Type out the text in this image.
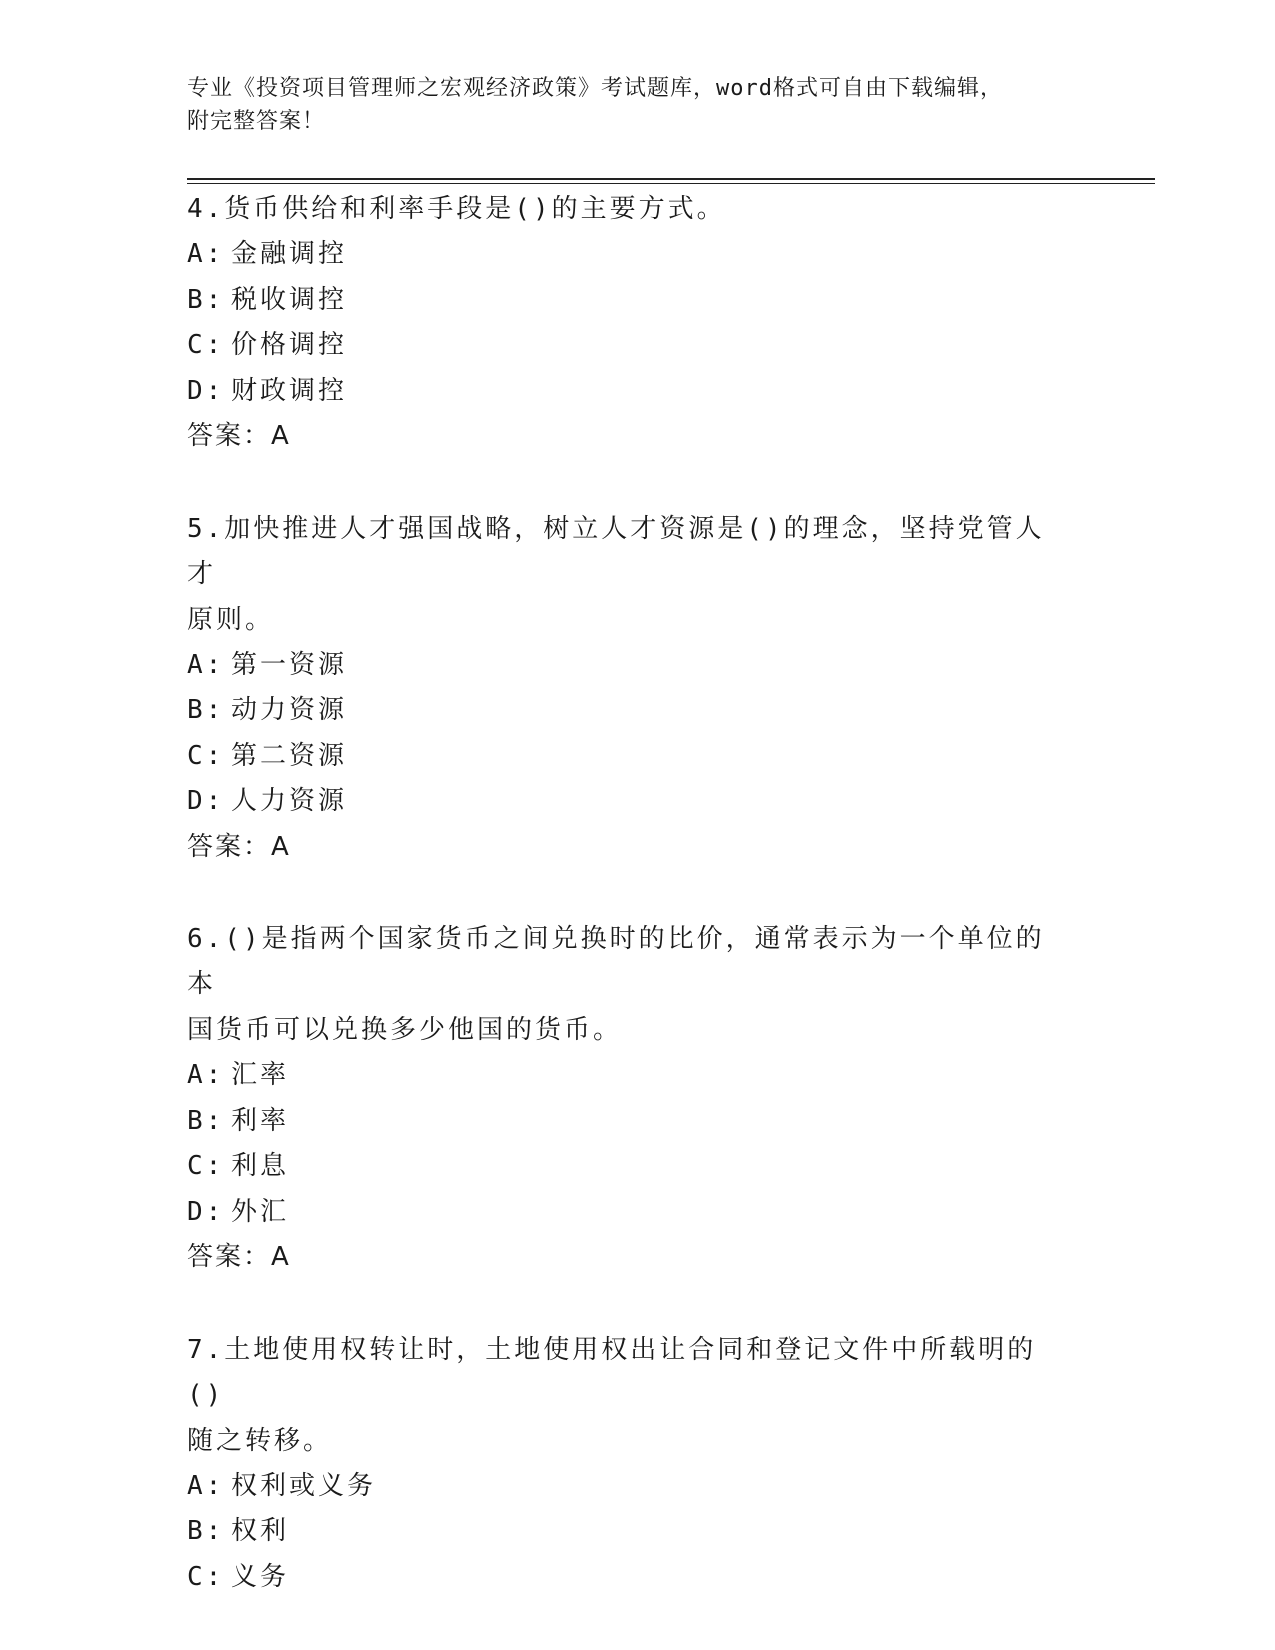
专业《投资项目管理师之宏观经济政策》考试题库，word格式可自由下载编辑，
附完整答案！
4.货币供给和利率手段是()的主要方式。
A: 金融调控
B: 税收调控
C: 价格调控
D: 财政调控
答案：A
5.加快推进人才强国战略，树立人才资源是()的理念，坚持党管人才
原则。
A: 第一资源
B: 动力资源
C: 第二资源
D: 人力资源
答案：A
6.()是指两个国家货币之间兑换时的比价，通常表示为一个单位的本
国货币可以兑换多少他国的货币。
A: 汇率
B: 利率
C: 利息
D: 外汇
答案：A
7.土地使用权转让时，土地使用权出让合同和登记文件中所载明的()
随之转移。
A: 权利或义务
B: 权利
C: 义务
